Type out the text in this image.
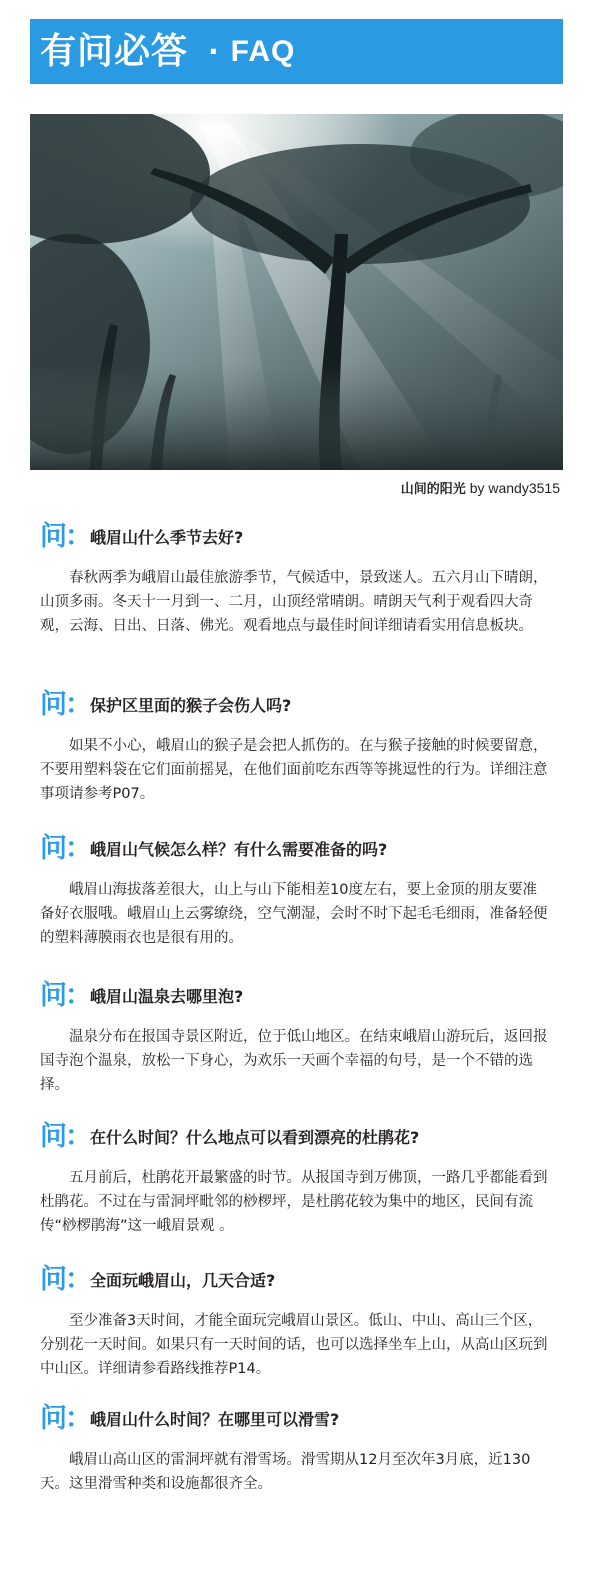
有问必答 · FAQ
山间的阳光 by wandy3515
问： 峨眉山什么季节去好?

春秋两季为峨眉山最佳旅游季节，气候适中，景致迷人。五六月山下晴朗，山顶多雨。冬天十一月到一、二月，山顶经常晴朗。晴朗天气利于观看四大奇观，云海、日出、日落、佛光。观看地点与最佳时间详细请看实用信息板块。

问： 保护区里面的猴子会伤人吗?

如果不小心，峨眉山的猴子是会把人抓伤的。在与猴子接触的时候要留意，不要用塑料袋在它们面前摇晃，在他们面前吃东西等等挑逗性的行为。详细注意事项请参考P07。

问： 峨眉山气候怎么样？有什么需要准备的吗?

峨眉山海拔落差很大，山上与山下能相差10度左右，要上金顶的朋友要准备好衣服哦。峨眉山上云雾缭绕，空气潮湿，会时不时下起毛毛细雨，准备轻便的塑料薄膜雨衣也是很有用的。

问： 峨眉山温泉去哪里泡?

温泉分布在报国寺景区附近，位于低山地区。在结束峨眉山游玩后，返回报国寺泡个温泉，放松一下身心，为欢乐一天画个幸福的句号，是一个不错的选择。

问： 在什么时间？什么地点可以看到漂亮的杜鹃花?

五月前后，杜鹃花开最繁盛的时节。从报国寺到万佛顶，一路几乎都能看到杜鹃花。不过在与雷洞坪毗邻的桫椤坪，是杜鹃花较为集中的地区，民间有流传“桫椤鹃海”这一峨眉景观 。

问： 全面玩峨眉山，几天合适?

至少准备3天时间，才能全面玩完峨眉山景区。低山、中山、高山三个区，分别花一天时间。如果只有一天时间的话，也可以选择坐车上山，从高山区玩到中山区。详细请参看路线推荐P14。

问： 峨眉山什么时间？在哪里可以滑雪?

峨眉山高山区的雷洞坪就有滑雪场。滑雪期从12月至次年3月底，近130 天。这里滑雪种类和设施都很齐全。
